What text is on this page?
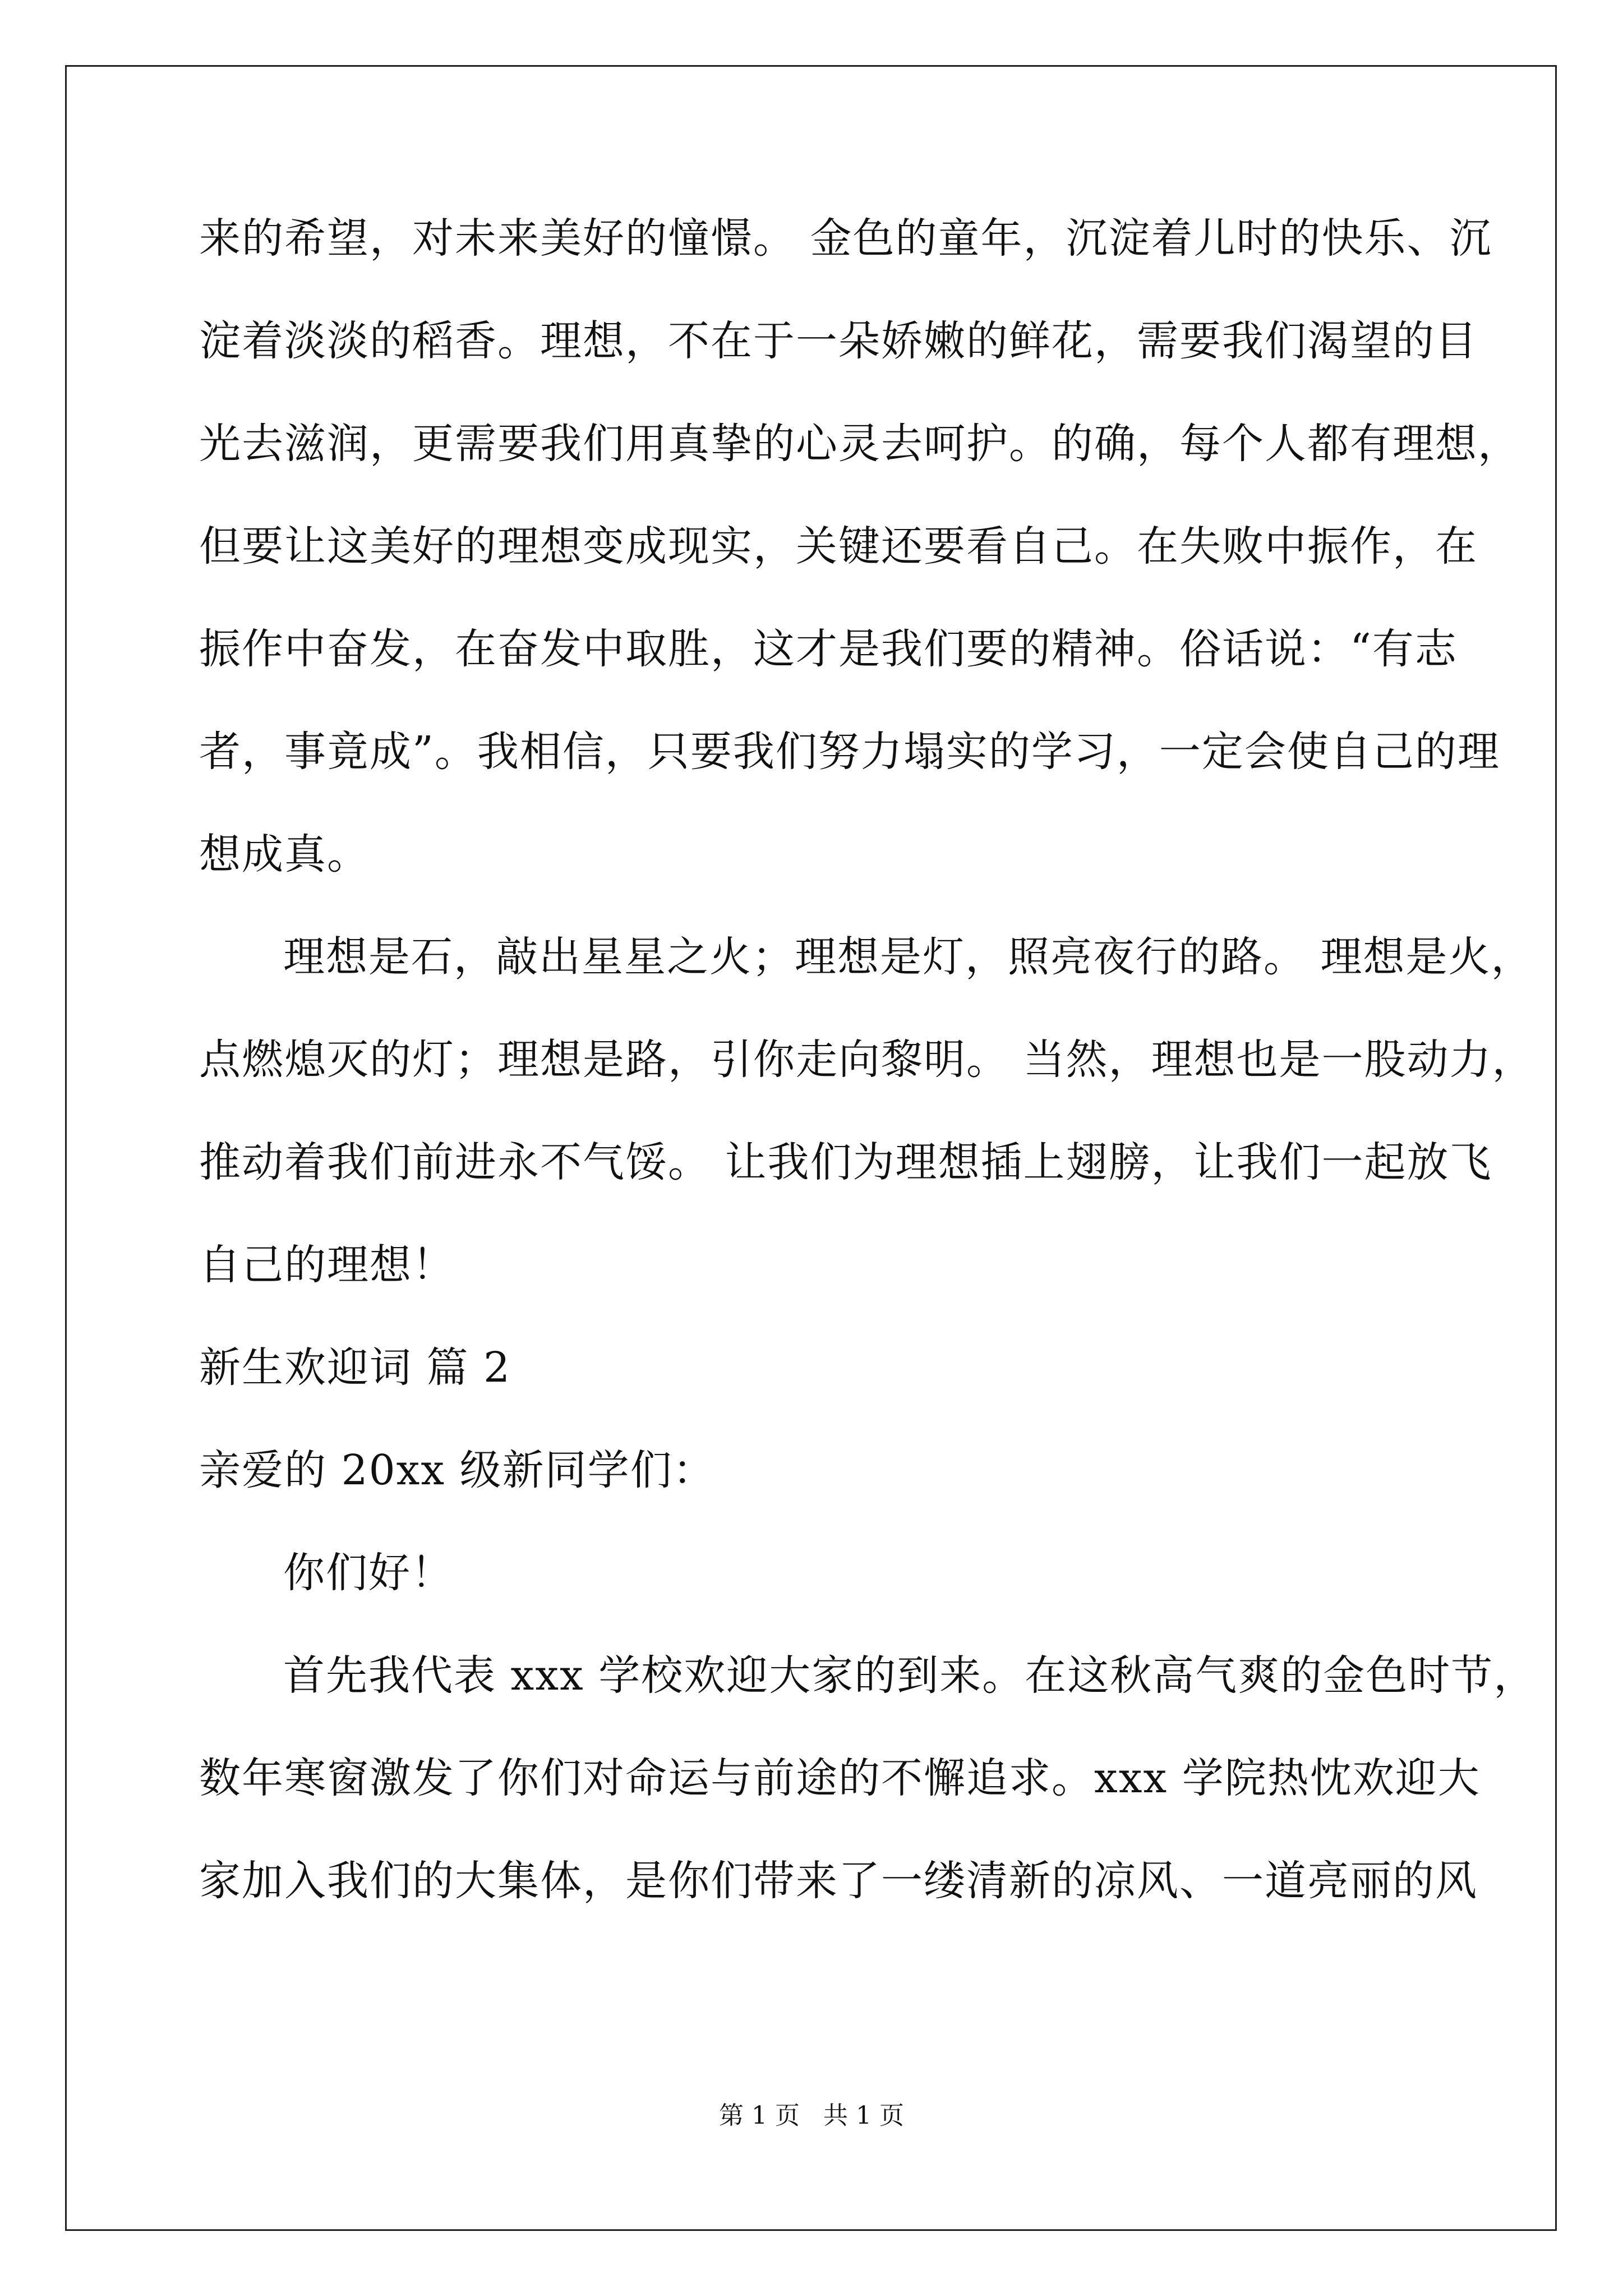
来的希望，对未来美好的憧憬。 金色的童年，沉淀着儿时的快乐、沉
淀着淡淡的稻香。理想，不在于一朵娇嫩的鲜花，需要我们渴望的目
光去滋润，更需要我们用真挚的心灵去呵护。的确，每个人都有理想，
但要让这美好的理想变成现实，关键还要看自己。在失败中振作，在
振作中奋发，在奋发中取胜，这才是我们要的精神。俗话说：“有志
者，事竟成”。我相信，只要我们努力塌实的学习，一定会使自己的理
想成真。
理想是石，敲出星星之火；理想是灯，照亮夜行的路。 理想是火，
点燃熄灭的灯；理想是路，引你走向黎明。 当然，理想也是一股动力，
推动着我们前进永不气馁。 让我们为理想插上翅膀，让我们一起放飞
自己的理想！
新生欢迎词 篇 2
亲爱的 20xx 级新同学们：
你们好！
首先我代表 xxx 学校欢迎大家的到来。在这秋高气爽的金色时节，
数年寒窗激发了你们对命运与前途的不懈追求。xxx 学院热忱欢迎大
家加入我们的大集体，是你们带来了一缕清新的凉风、一道亮丽的风
第 1 页   共 1 页
